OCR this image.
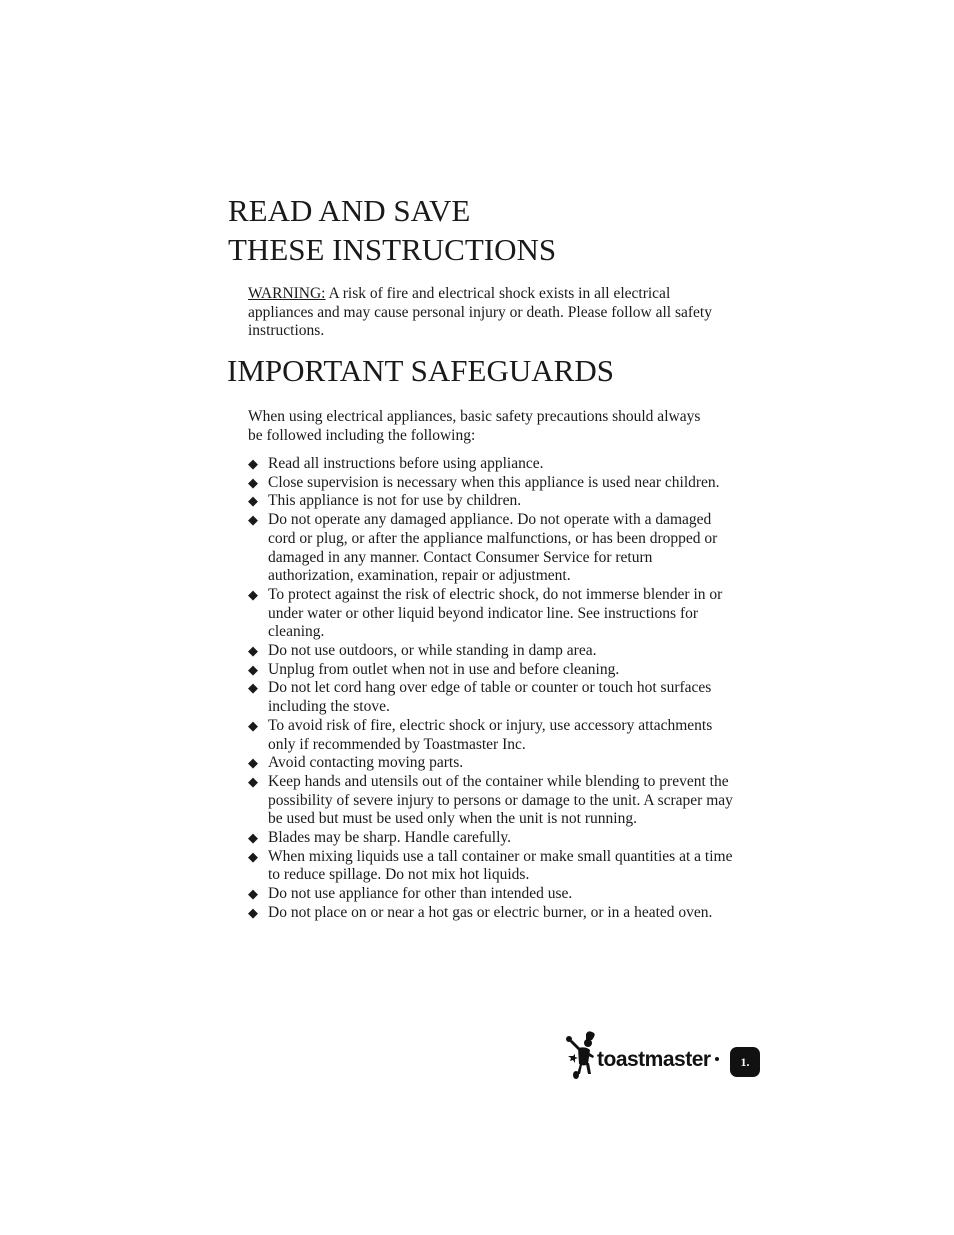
READ AND SAVE
THESE INSTRUCTIONS

WARNING: A risk of fire and electrical shock exists in all electrical appliances and may cause personal injury or death. Please follow all safety instructions.

IMPORTANT SAFEGUARDS

When using electrical appliances, basic safety precautions should always be followed including the following:

◆ Read all instructions before using appliance.
◆ Close supervision is necessary when this appliance is used near children.
◆ This appliance is not for use by children.
◆ Do not operate any damaged appliance. Do not operate with a damaged cord or plug, or after the appliance malfunctions, or has been dropped or damaged in any manner. Contact Consumer Service for return authorization, examination, repair or adjustment.
◆ To protect against the risk of electric shock, do not immerse blender in or under water or other liquid beyond indicator line. See instructions for cleaning.
◆ Do not use outdoors, or while standing in damp area.
◆ Unplug from outlet when not in use and before cleaning.
◆ Do not let cord hang over edge of table or counter or touch hot surfaces including the stove.
◆ To avoid risk of fire, electric shock or injury, use accessory attachments only if recommended by Toastmaster Inc.
◆ Avoid contacting moving parts.
◆ Keep hands and utensils out of the container while blending to prevent the possibility of severe injury to persons or damage to the unit. A scraper may be used but must be used only when the unit is not running.
◆ Blades may be sharp. Handle carefully.
◆ When mixing liquids use a tall container or make small quantities at a time to reduce spillage. Do not mix hot liquids.
◆ Do not use appliance for other than intended use.
◆ Do not place on or near a hot gas or electric burner, or in a heated oven.
toastmaster	1.
